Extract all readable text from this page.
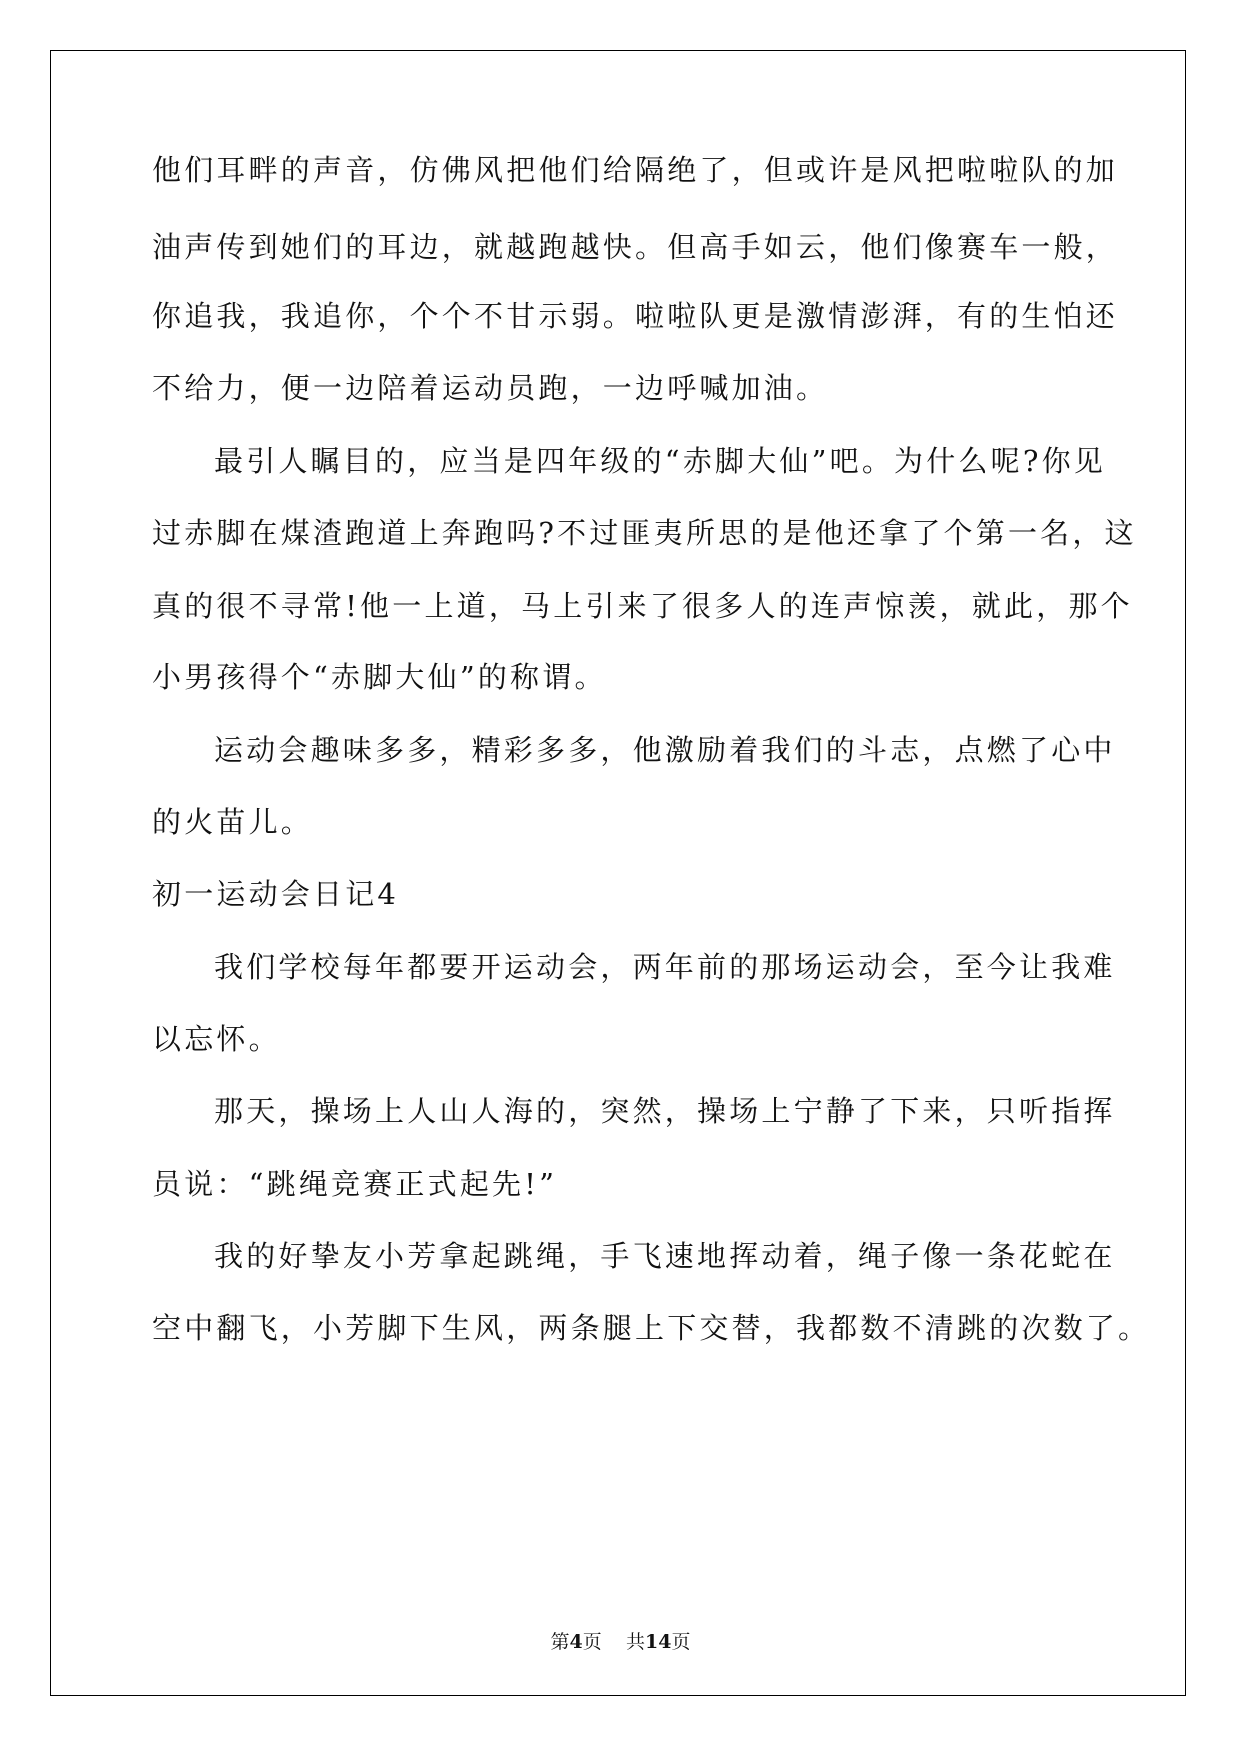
他们耳畔的声音，仿佛风把他们给隔绝了，但或许是风把啦啦队的加
油声传到她们的耳边，就越跑越快。但高手如云，他们像赛车一般，
你追我，我追你，个个不甘示弱。啦啦队更是激情澎湃，有的生怕还
不给力，便一边陪着运动员跑，一边呼喊加油。
最引人瞩目的，应当是四年级的“赤脚大仙”吧。为什么呢?你见
过赤脚在煤渣跑道上奔跑吗?不过匪夷所思的是他还拿了个第一名，这
真的很不寻常!他一上道，马上引来了很多人的连声惊羡，就此，那个
小男孩得个“赤脚大仙”的称谓。
运动会趣味多多，精彩多多，他激励着我们的斗志，点燃了心中
的火苗儿。
初一运动会日记4
我们学校每年都要开运动会，两年前的那场运动会，至今让我难
以忘怀。
那天，操场上人山人海的，突然，操场上宁静了下来，只听指挥
员说：“跳绳竞赛正式起先!”
我的好挚友小芳拿起跳绳，手飞速地挥动着，绳子像一条花蛇在
空中翻飞，小芳脚下生风，两条腿上下交替，我都数不清跳的次数了。
第4页 共14页
